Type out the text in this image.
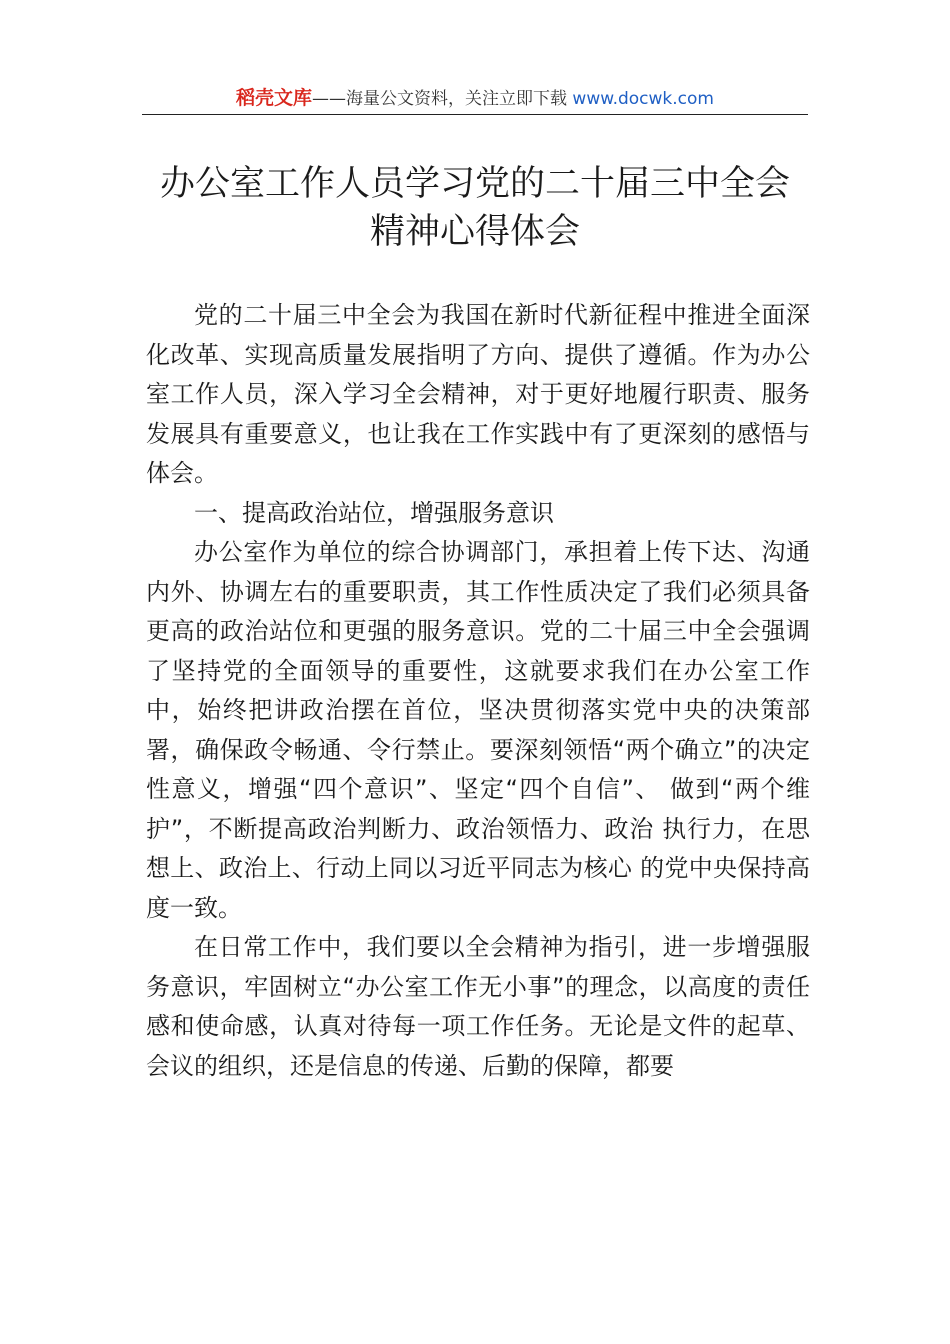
稻壳文库——海量公文资料，关注立即下载 www.docwk.com
办公室工作人员学习党的二十届三中全会
精神心得体会

党的二十届三中全会为我国在新时代新征程中推进全面深化改革、实现高质量发展指明了方向、提供了遵循。作为办公室工作人员，深入学习全会精神，对于更好地履行职责、服务发展具有重要意义，也让我在工作实践中有了更深刻的感悟与体会。

一、提高政治站位，增强服务意识

办公室作为单位的综合协调部门，承担着上传下达、沟通内外、协调左右的重要职责，其工作性质决定了我们必须具备更高的政治站位和更强的服务意识。党的二十届三中全会强调了坚持党的全面领导的重要性，这就要求我们在办公室工作中，始终把讲政治摆在首位，坚决贯彻落实党中央的决策部署，确保政令畅通、令行禁止。要深刻领悟“两个确立”的决定性意义，增强“四个意识”、坚定“四个自信”、 做到“两个维护”，不断提高政治判断力、政治领悟力、政治 执行力，在思想上、政治上、行动上同以习近平同志为核心 的党中央保持高度一致。

在日常工作中，我们要以全会精神为指引，进一步增强服务意识，牢固树立“办公室工作无小事”的理念，以高度的责任感和使命感，认真对待每一项工作任务。无论是文件的起草、会议的组织，还是信息的传递、后勤的保障，都要
